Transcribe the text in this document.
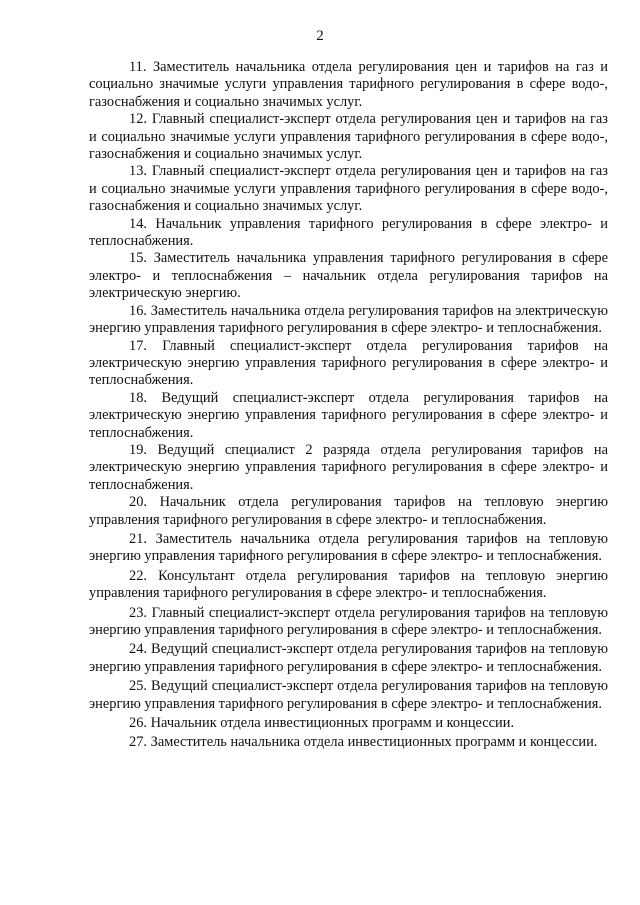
2

11. Заместитель начальника отдела регулирования цен и тарифов на газ и социально значимые услуги управления тарифного регулирования в сфере водо-, газоснабжения и социально значимых услуг.

12. Главный специалист-эксперт отдела регулирования цен и тарифов на газ и социально значимые услуги управления тарифного регулирования в сфере водо-, газоснабжения и социально значимых услуг.

13. Главный специалист-эксперт отдела регулирования цен и тарифов на газ и социально значимые услуги управления тарифного регулирования в сфере водо-, газоснабжения и социально значимых услуг.

14. Начальник управления тарифного регулирования в сфере электро- и теплоснабжения.

15. Заместитель начальника управления тарифного регулирования в сфере электро- и теплоснабжения – начальник отдела регулирования тарифов на электрическую энергию.

16. Заместитель начальника отдела регулирования тарифов на электрическую энергию управления тарифного регулирования в сфере электро- и теплоснабжения.

17. Главный специалист-эксперт отдела регулирования тарифов на электрическую энергию управления тарифного регулирования в сфере электро- и теплоснабжения.

18. Ведущий специалист-эксперт отдела регулирования тарифов на электрическую энергию управления тарифного регулирования в сфере электро- и теплоснабжения.

19. Ведущий специалист 2 разряда отдела регулирования тарифов на электрическую энергию управления тарифного регулирования в сфере электро- и теплоснабжения.

20. Начальник отдела регулирования тарифов на тепловую энергию управления тарифного регулирования в сфере электро- и теплоснабжения.

21. Заместитель начальника отдела регулирования тарифов на тепловую энергию управления тарифного регулирования в сфере электро- и теплоснабжения.

22. Консультант отдела регулирования тарифов на тепловую энергию управления тарифного регулирования в сфере электро- и теплоснабжения.

23. Главный специалист-эксперт отдела регулирования тарифов на тепловую энергию управления тарифного регулирования в сфере электро- и теплоснабжения.

24. Ведущий специалист-эксперт отдела регулирования тарифов на тепловую энергию управления тарифного регулирования в сфере электро- и теплоснабжения.

25. Ведущий специалист-эксперт отдела регулирования тарифов на тепловую энергию управления тарифного регулирования в сфере электро- и теплоснабжения.

26. Начальник отдела инвестиционных программ и концессии.

27. Заместитель начальника отдела инвестиционных программ и концессии.
